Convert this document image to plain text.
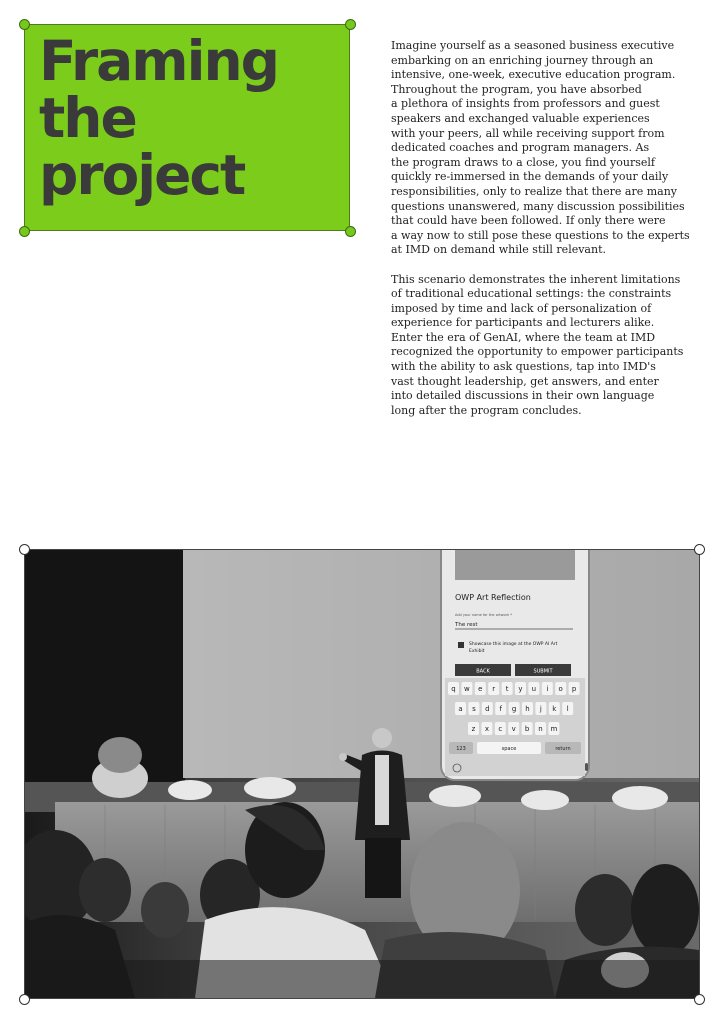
Framing
the
project
Imagine yourself as a seasoned business executive
embarking on an enriching journey through an
intensive, one-week, executive education program.
Throughout the program, you have absorbed
a plethora of insights from professors and guest
speakers and exchanged valuable experiences
with your peers, all while receiving support from
dedicated coaches and program managers. As
the program draws to a close, you find yourself
quickly re-immersed in the demands of your daily
responsibilities, only to realize that there are many
questions unanswered, many discussion possibilities
that could have been followed. If only there were
a way now to still pose these questions to the experts
at IMD on demand while still relevant.
This scenario demonstrates the inherent limitations
of traditional educational settings: the constraints
imposed by time and lack of personalization of
experience for participants and lecturers alike.
Enter the era of GenAI, where the team at IMD
recognized the opportunity to empower participants
with the ability to ask questions, tap into IMD's
vast thought leadership, get answers, and enter
into detailed discussions in their own language
long after the program concludes.
OWP Art Reflection
Add your name for the artwork *
The rest
Showcase this image at the OWP AI Art
Exhibit
BACK	SUBMIT
q w e r t y u i o p
a s d f g h j k l
z x c v b n m
123	space	return
